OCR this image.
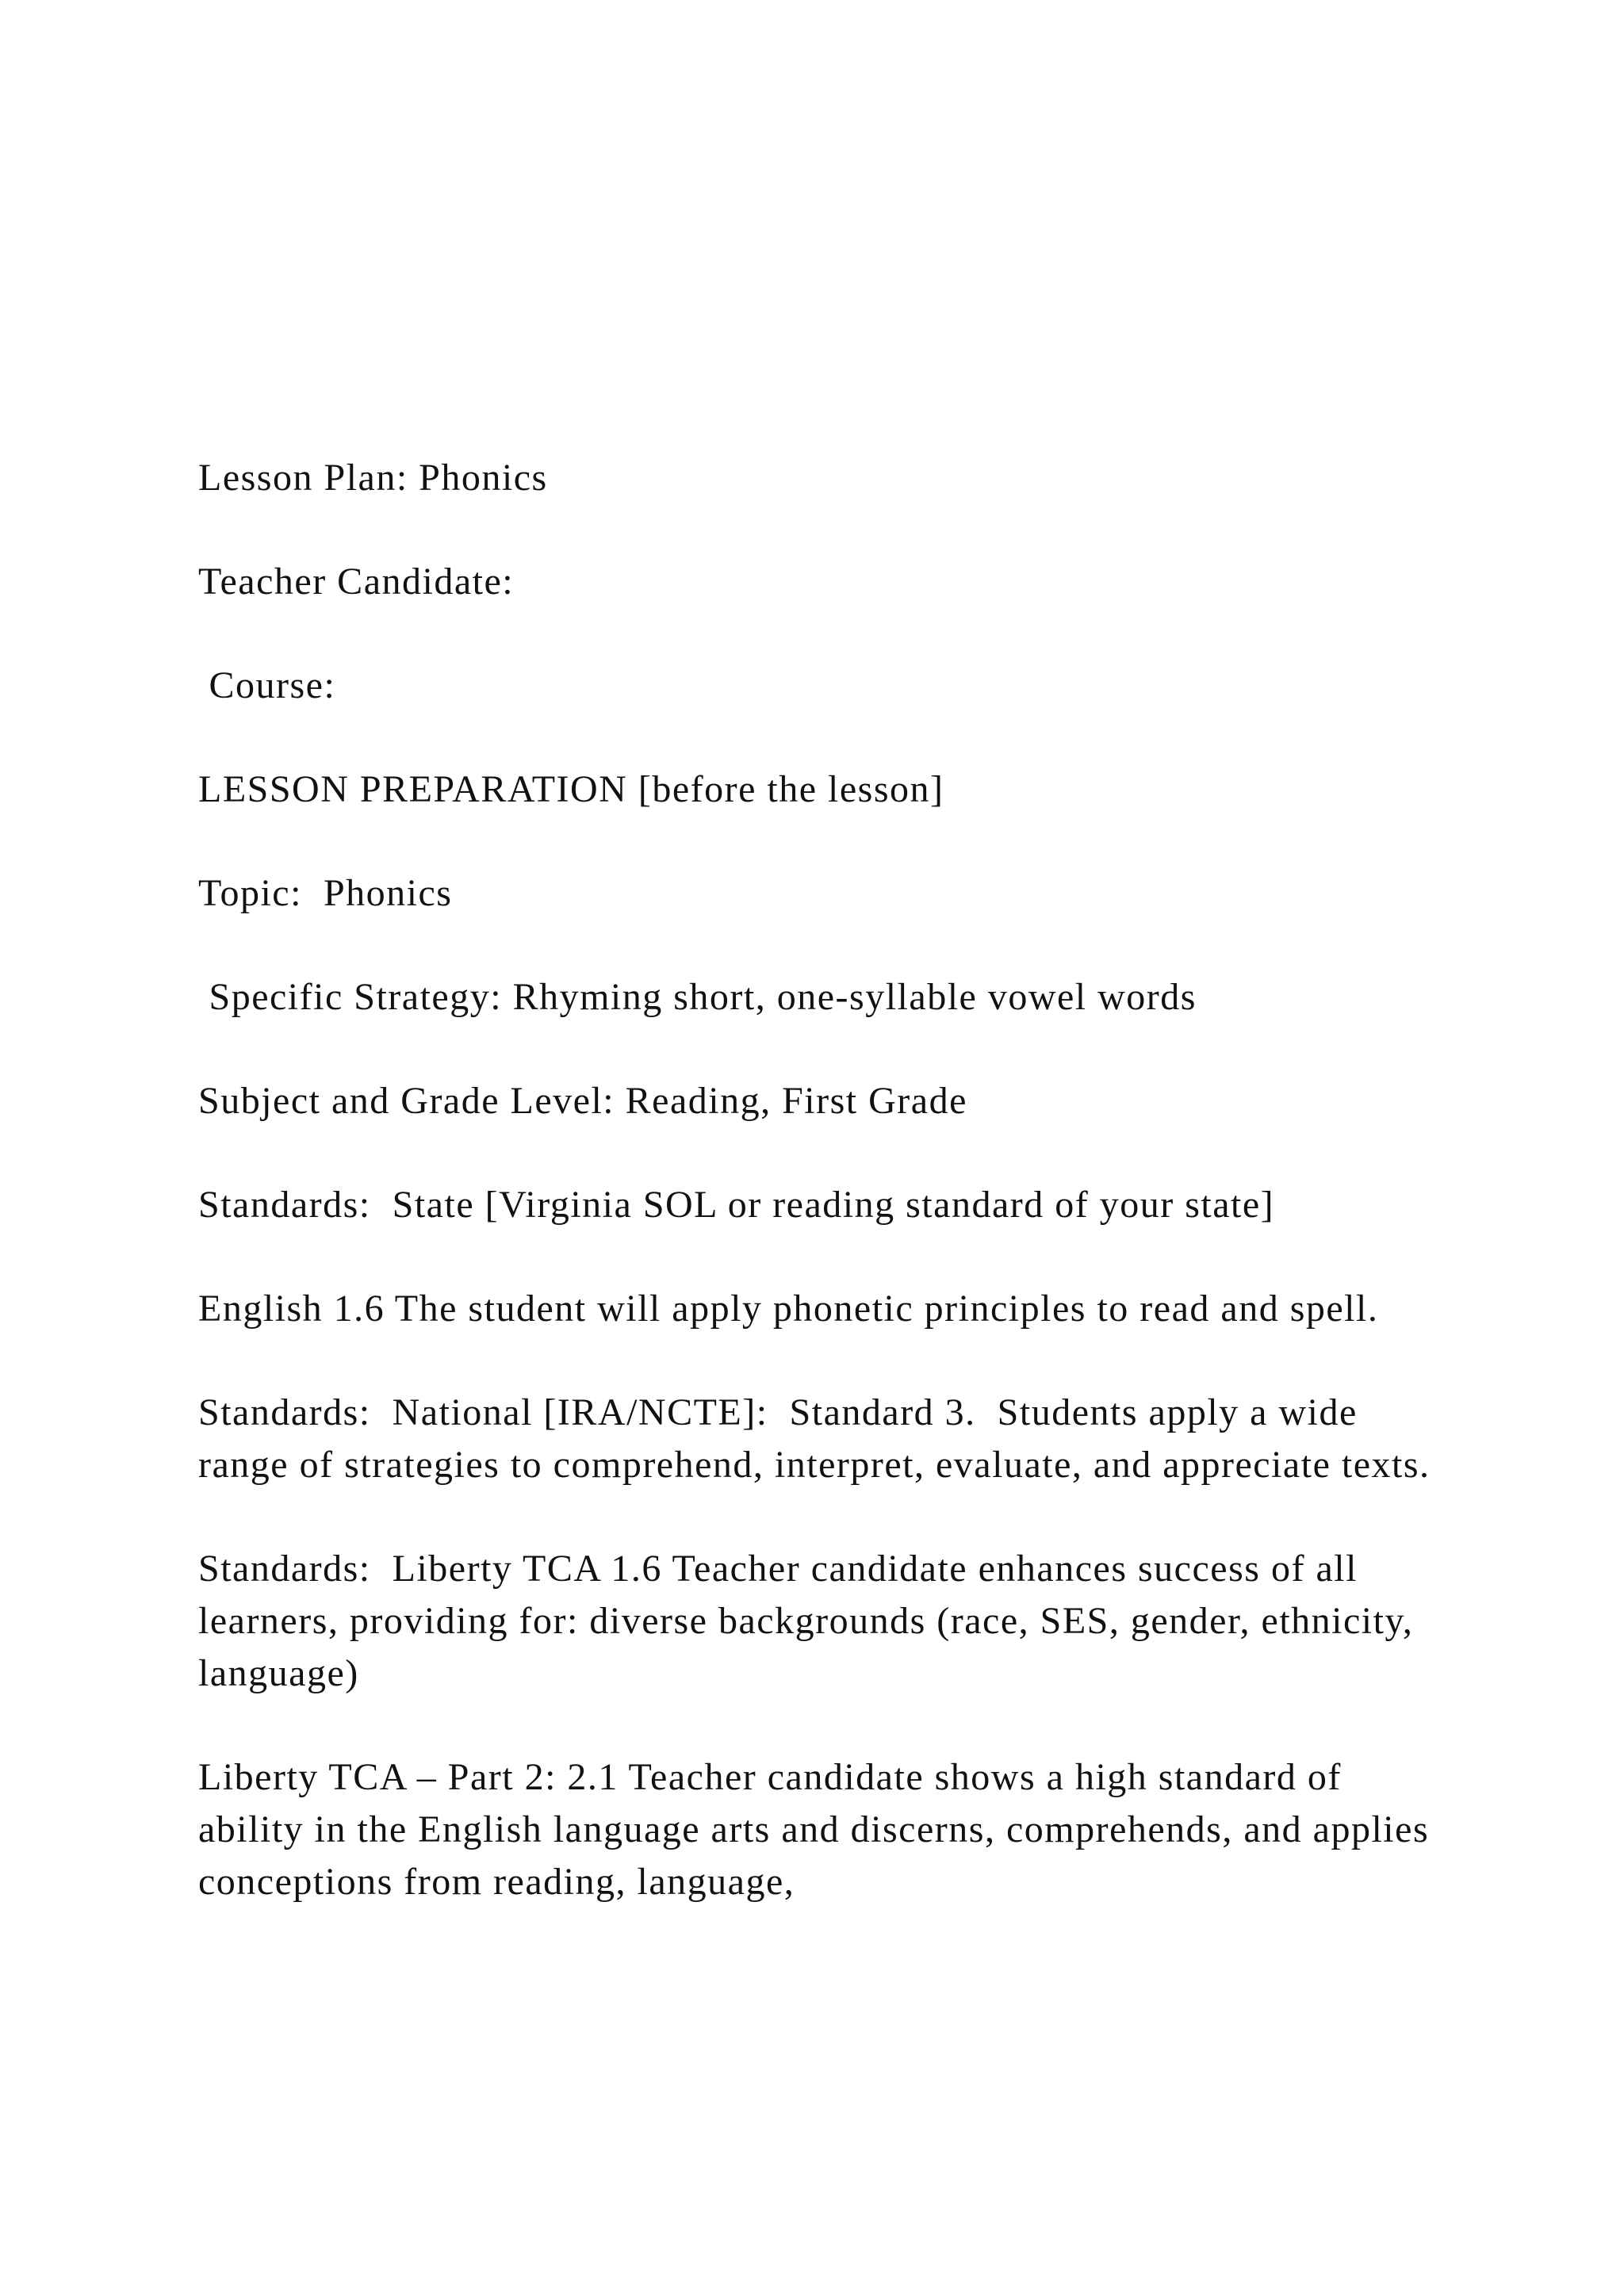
Lesson Plan: Phonics

Teacher Candidate:

Course:

LESSON PREPARATION [before the lesson]

Topic:  Phonics

Specific Strategy: Rhyming short, one-syllable vowel words

Subject and Grade Level: Reading, First Grade

Standards:  State [Virginia SOL or reading standard of your state]

English 1.6 The student will apply phonetic principles to read and spell.

Standards:  National [IRA/NCTE]:  Standard 3.  Students apply a wide range of strategies to comprehend, interpret, evaluate, and appreciate texts.

Standards:  Liberty TCA 1.6 Teacher candidate enhances success of all learners, providing for: diverse backgrounds (race, SES, gender, ethnicity, language)

Liberty TCA – Part 2: 2.1 Teacher candidate shows a high standard of ability in the English language arts and discerns, comprehends, and applies conceptions from reading, language,
